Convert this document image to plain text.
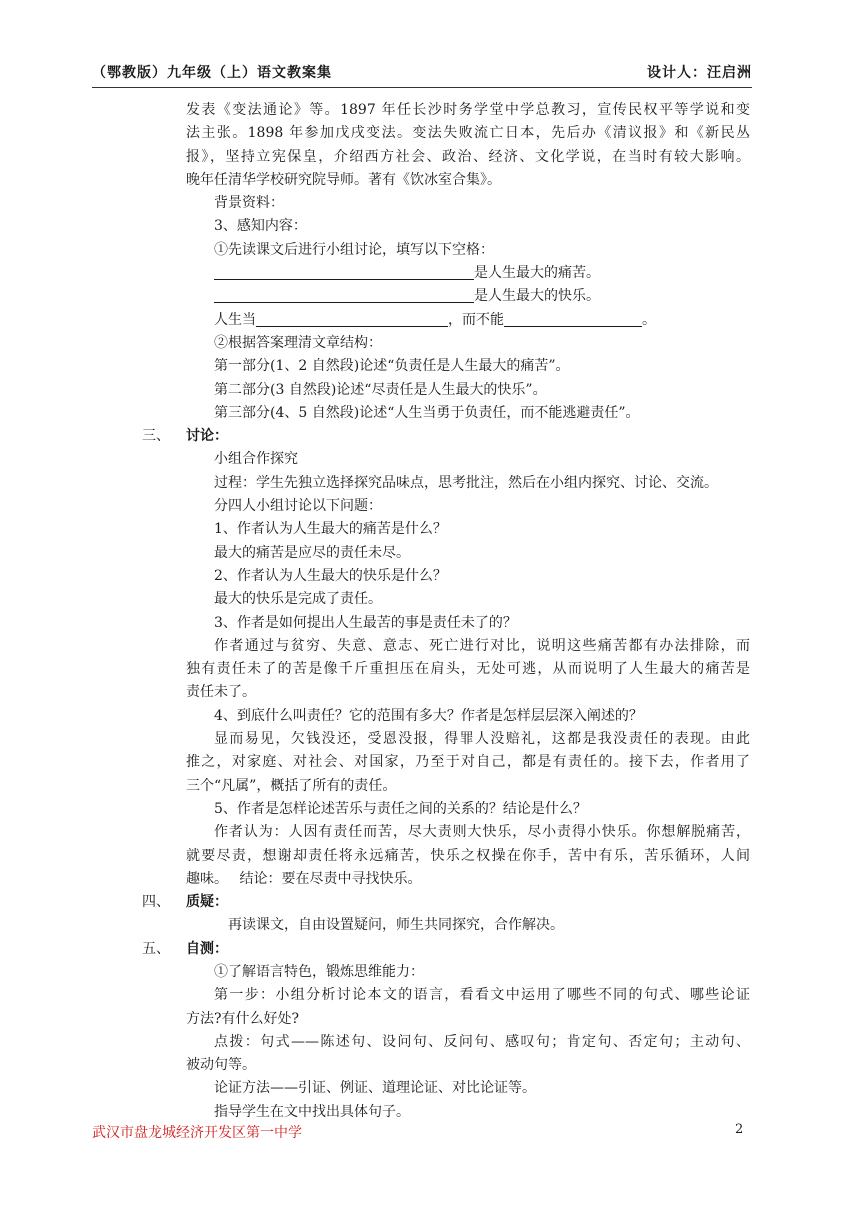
（鄂教版）九年级（上）语文教案集	设计人：汪启洲
发表《变法通论》等。1897 年任长沙时务学堂中学总教习，宣传民权平等学说和变
法主张。1898 年参加戊戌变法。变法失败流亡日本，先后办《清议报》和《新民丛
报》，坚持立宪保皇，介绍西方社会、政治、经济、文化学说，在当时有较大影响。
晚年任清华学校研究院导师。著有《饮冰室合集》。
背景资料：
3、感知内容：
①先读课文后进行小组讨论，填写以下空格：
是人生最大的痛苦。
是人生最大的快乐。
人生当	，而不能	。
②根据答案理清文章结构：
第一部分(1、2 自然段)论述“负责任是人生最大的痛苦”。
第二部分(3 自然段)论述“尽责任是人生最大的快乐”。
第三部分(4、5 自然段)论述“人生当勇于负责任，而不能逃避责任”。
三、 讨论：
小组合作探究
过程：学生先独立选择探究品味点，思考批注，然后在小组内探究、讨论、交流。
分四人小组讨论以下问题：
1、作者认为人生最大的痛苦是什么？
最大的痛苦是应尽的责任未尽。
2、作者认为人生最大的快乐是什么？
最大的快乐是完成了责任。
3、作者是如何提出人生最苦的事是责任未了的？
作者通过与贫穷、失意、意志、死亡进行对比，说明这些痛苦都有办法排除，而
独有责任未了的苦是像千斤重担压在肩头，无处可逃，从而说明了人生最大的痛苦是
责任未了。
4、到底什么叫责任？它的范围有多大？作者是怎样层层深入阐述的？
显而易见，欠钱没还，受恩没报，得罪人没赔礼，这都是我没责任的表现。由此
推之，对家庭、对社会、对国家，乃至于对自己，都是有责任的。接下去，作者用了
三个“凡属”，概括了所有的责任。
5、作者是怎样论述苦乐与责任之间的关系的？结论是什么？
作者认为：人因有责任而苦，尽大责则大快乐，尽小责得小快乐。你想解脱痛苦，
就要尽责，想谢却责任将永远痛苦，快乐之权操在你手，苦中有乐，苦乐循环，人间
趣味。　 结论：要在尽责中寻找快乐。
四、 质疑：
再读课文，自由设置疑问，师生共同探究，合作解决。
五、 自测：
①了解语言特色，锻炼思维能力：
第一步：小组分析讨论本文的语言，看看文中运用了哪些不同的句式、哪些论证
方法?有什么好处?
点拨：句式——陈述句、设问句、反问句、感叹句；肯定句、否定句；主动句、
被动句等。
论证方法——引证、例证、道理论证、对比论证等。
指导学生在文中找出具体句子。
武汉市盘龙城经济开发区第一中学	2
